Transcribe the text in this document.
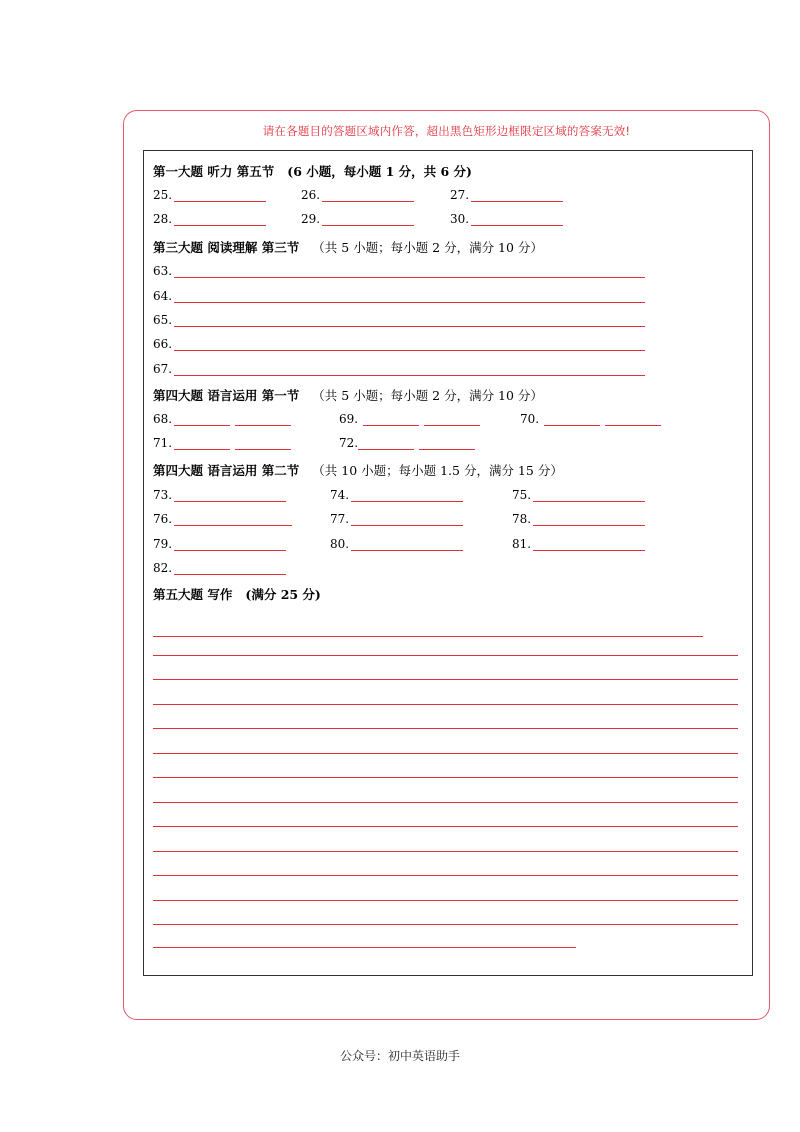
请在各题目的答题区域内作答，超出黑色矩形边框限定区域的答案无效!
第一大题 听力 第五节 (6 小题，每小题 1 分，共 6 分)
25.	26.	27.
28.	29.	30.
第三大题 阅读理解 第三节 （共 5 小题；每小题 2 分，满分 10 分）
63.
64.
65.
66.
67.
第四大题 语言运用 第一节 （共 5 小题；每小题 2 分，满分 10 分）
68.	69.	70.
71.	72.
第四大题 语言运用 第二节 （共 10 小题；每小题 1.5 分，满分 15 分）
73.	74.	75.
76.	77.	78.
79.	80.	81.
82.
第五大题 写作 (满分 25 分)
公众号：初中英语助手
